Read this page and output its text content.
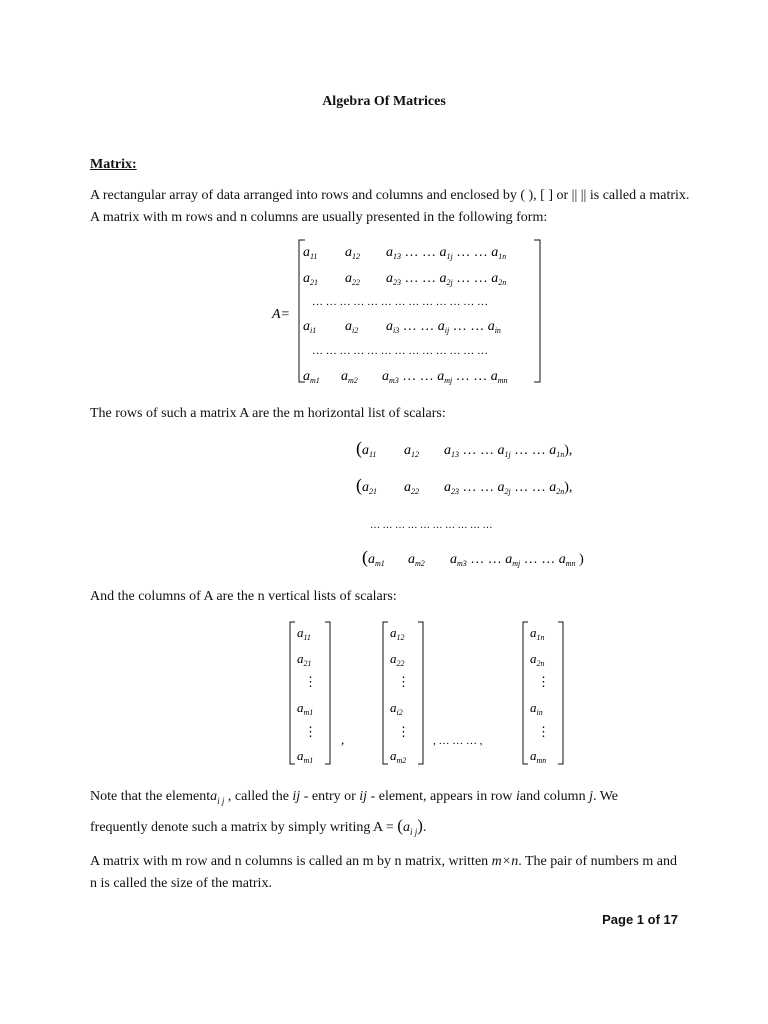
Algebra Of Matrices
Matrix:
A rectangular array of data arranged into rows and columns and enclosed by ( ), [ ] or || || is called a matrix. A matrix with m rows and n columns are usually presented in the following form:
A=
$a_{11}$ $a_{12}$ $a_{13}$ … … $a_{1j}$ … … $a_{1n}$
$a_{21}$ $a_{22}$ $a_{23}$ … … $a_{2j}$ … … $a_{2n}$
… … … … … … … … … … … … …
$a_{i1}$ $a_{i2}$ $a_{i3}$ … … $a_{ij}$ … … $a_{in}$
… … … … … … … … … … … … …
$a_{m1}$ $a_{m2}$ $a_{m3}$ … … $a_{mj}$ … … $a_{mn}$
The rows of such a matrix A are the m horizontal list of scalars:
( $a_{11}$ $a_{12}$ $a_{13}$ … … $a_{1j}$ … … $a_{1n}$),
( $a_{21}$ $a_{22}$ $a_{23}$ … … $a_{2j}$ … … $a_{2n}$),
… … … … … … … … … …
( $a_{m1}$ $a_{m2}$ $a_{m3}$ … … $a_{mj}$ … … $a_{mn}$ )
And the columns of A are the n vertical lists of scalars:
$a_{11}$
$a_{21}$
⋮
$a_{m1}$
⋮
$a_{m1}$
,
$a_{12}$
$a_{22}$
⋮
$a_{i2}$
⋮
$a_{m2}$
, … … … ,
$a_{1n}$
$a_{2n}$
⋮
$a_{in}$
⋮
$a_{mn}$
Note that the elementa$_{i j}$ , called the ij - entry or ij - element, appears in row iand column j. We
frequently denote such a matrix by simply writing $A = (a_{i j})$.
A matrix with m row and n columns is called an m by n matrix, written m×n. The pair of numbers m and
n is called the size of the matrix.
Page 1 of 17
